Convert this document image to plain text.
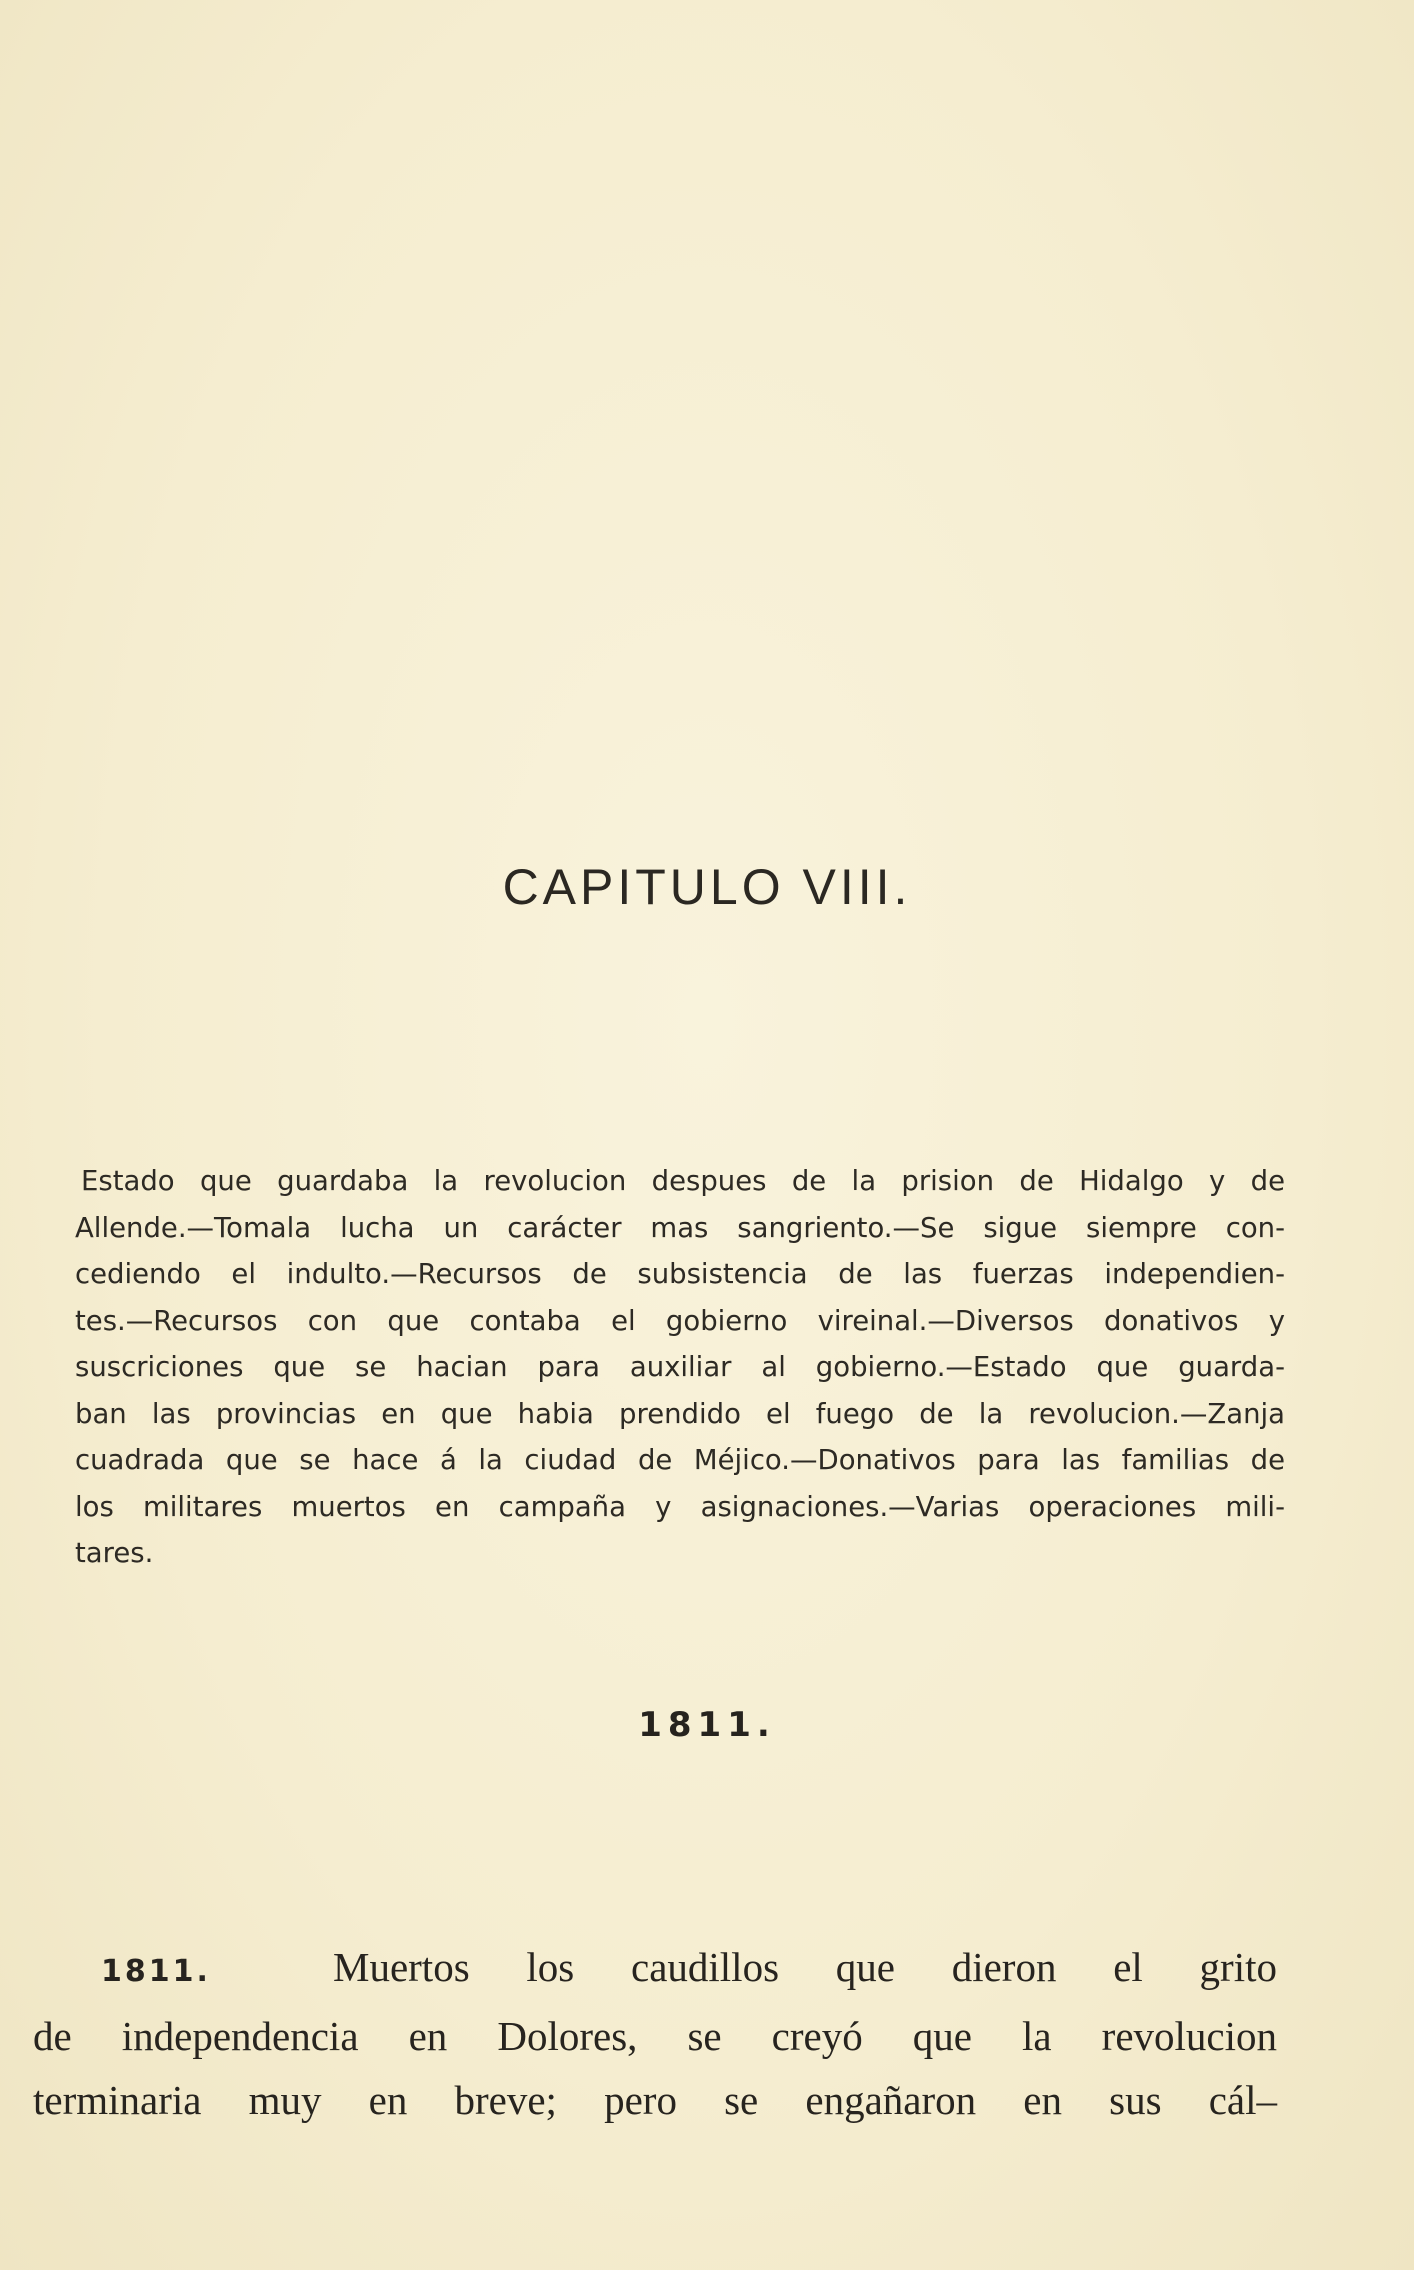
CAPITULO VIII.
Estado que guardaba la revolucion despues de la prision de Hidalgo y de
Allende.—Tomala lucha un carácter mas sangriento.—Se sigue siempre con-
cediendo el indulto.—Recursos de subsistencia de las fuerzas independien-
tes.—Recursos con que contaba el gobierno vireinal.—Diversos donativos y
suscriciones que se hacian para auxiliar al gobierno.—Estado que guarda-
ban las provincias en que habia prendido el fuego de la revolucion.—Zanja
cuadrada que se hace á la ciudad de Méjico.—Donativos para las familias de
los militares muertos en campaña y asignaciones.—Varias operaciones mili-
tares.
1811.
1811.	Muertos los caudillos que dieron el grito
de independencia en Dolores, se creyó que la revolucion
terminaria muy en breve; pero se engañaron en sus cál–
